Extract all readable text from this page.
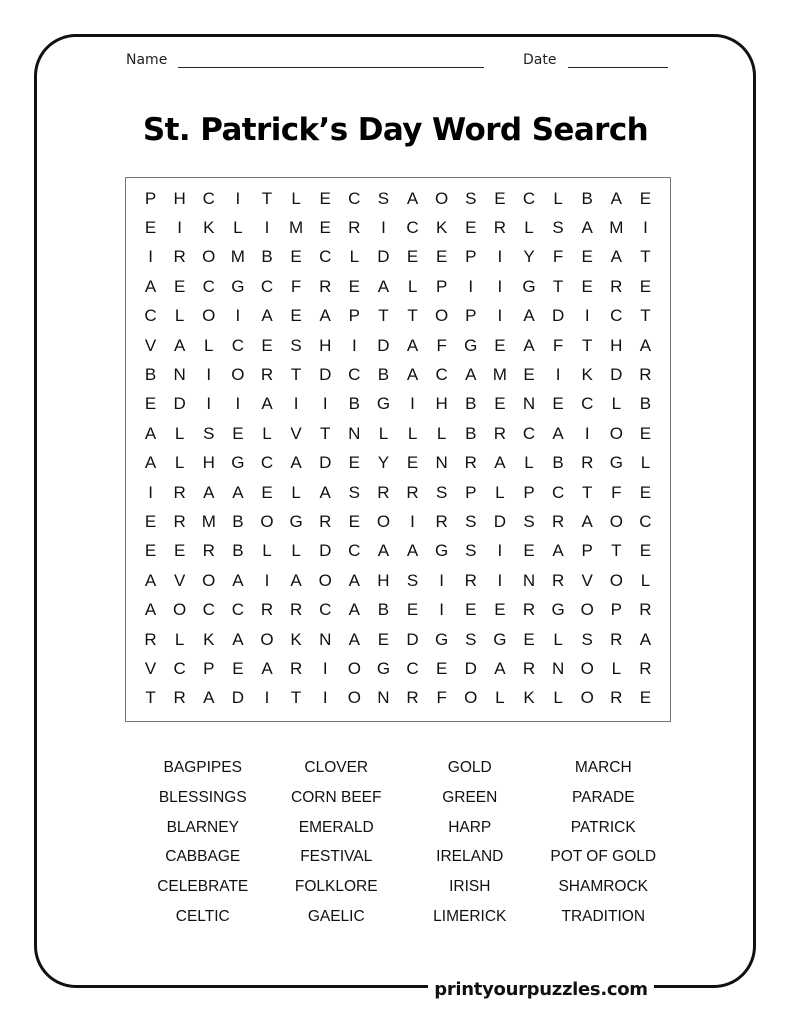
Name	Date
St. Patrick’s Day Word Search
P	H C	I	T	L	E	C	S	A O S	E	C	L	B	A	E
E	I	K	L	I	M E	R	I	C	K	E	R	L	S	A M	I
I	R O M B	E	C	L	D	E	E	P	I	Y	F	E	A	T
A	E	C G C	F	R	E	A	L	P	I	I	G	T	E	R	E
C	L	O	I	A	E	A	P	T	T	O P	I	A	D	I	C	T
V	A	L	C	E	S	H	I	D	A	F	G E	A	F	T	H	A
B	N	I	O R	T	D C	B	A	C	A M E	I	K	D R
E	D	I	I	A	I	I	B G	I	H	B	E	N	E	C	L	B
A	L	S	E	L	V	T	N	L	L	L	B	R C	A	I	O E
A	L	H G C	A	D	E	Y	E	N R	A	L	B	R G	L
I	R	A	A	E	L	A	S	R R	S	P	L	P	C	T	F	E
E	R M B O G R	E O	I	R	S	D	S	R	A O C
E	E	R	B	L	L	D C	A	A G S	I	E	A	P	T	E
A	V O A	I	A O A	H	S	I	R	I	N R	V O	L
A O C C R R C	A	B	E	I	E	E	R G O P	R
R	L	K	A O K	N	A	E	D G S G E	L	S	R	A
V	C	P	E	A	R	I	O G C	E	D	A	R N O	L	R
T	R	A	D	I	T	I	O N R	F	O	L	K	L	O R	E
BAGPIPES	CLOVER	GOLD	MARCH
BLESSINGS	CORN BEEF	GREEN	PARADE
BLARNEY	EMERALD	HARP	PATRICK
CABBAGE	FESTIVAL	IRELAND	POT OF GOLD
CELEBRATE	FOLKLORE	IRISH	SHAMROCK
CELTIC	GAELIC	LIMERICK	TRADITION
printyourpuzzles.com
